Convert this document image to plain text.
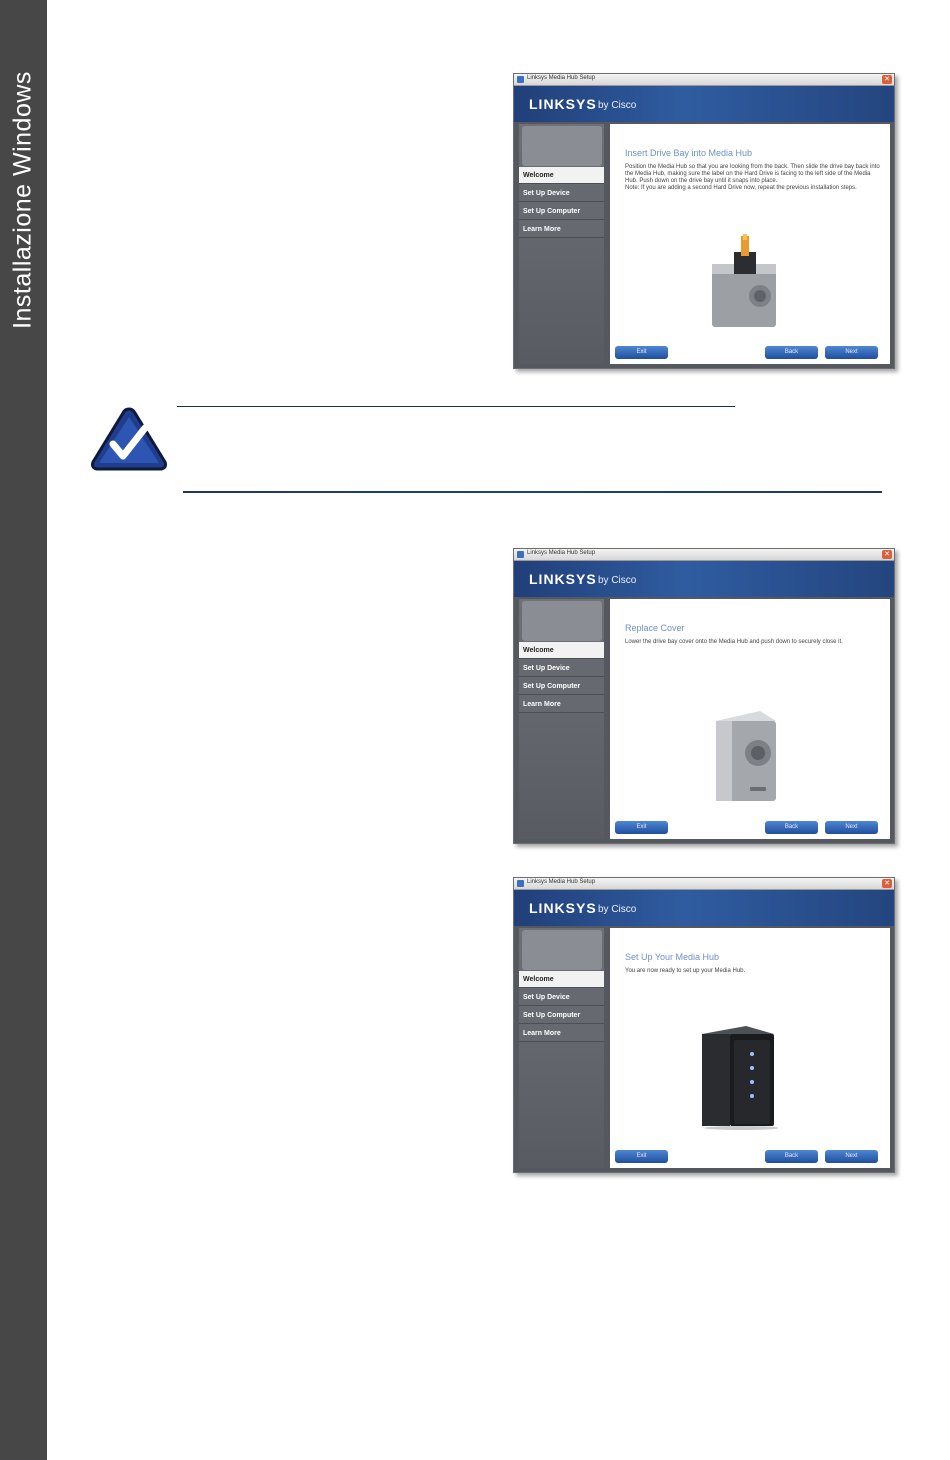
Installazione Windows	Linksys Media Hub Setup	✕
LINKSYS by Cisco
Welcome
Set Up Device
Set Up Computer
Learn More
Insert Drive Bay into Media Hub
Position the Media Hub so that you are looking from the back. Then slide the drive bay back into the Media Hub, making sure the label on the Hard Drive is facing to the left side of the Media Hub. Push down on the drive bay until it snaps into place.
Note: If you are adding a second Hard Drive now, repeat the previous installation steps.
Exit	Back	Next
Linksys Media Hub Setup	✕
LINKSYS by Cisco
Welcome
Set Up Device
Set Up Computer
Learn More
Replace Cover
Lower the drive bay cover onto the Media Hub and push down to securely close it.
Exit	Back	Next
Linksys Media Hub Setup	✕
LINKSYS by Cisco
Welcome
Set Up Device
Set Up Computer
Learn More
Set Up Your Media Hub
You are now ready to set up your Media Hub.
Exit	Back	Next
